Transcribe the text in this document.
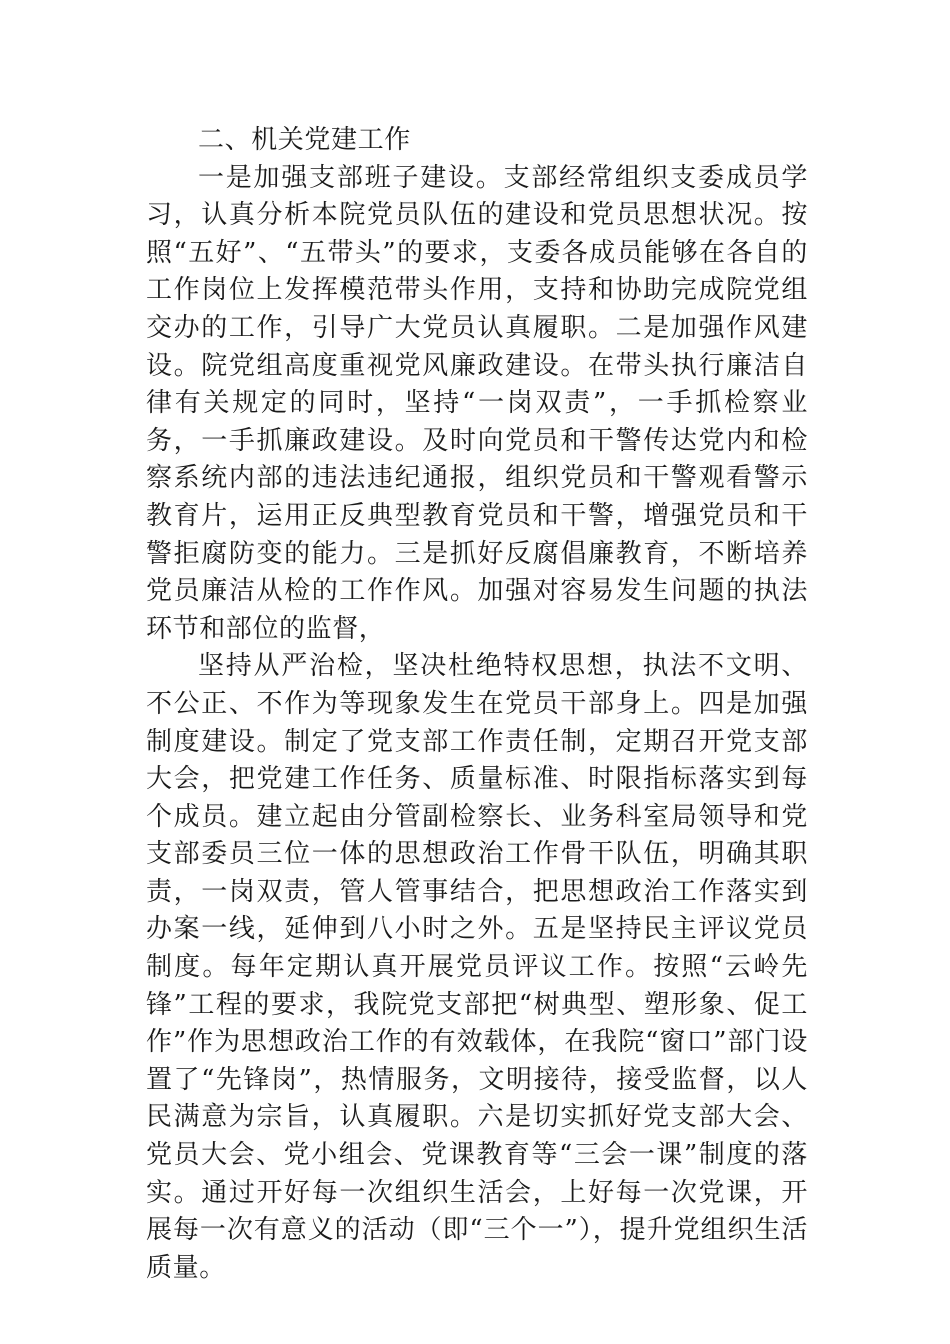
二、机关党建工作

一是加强支部班子建设。支部经常组织支委成员学习，认真分析本院党员队伍的建设和党员思想状况。按照“五好”、“五带头”的要求，支委各成员能够在各自的工作岗位上发挥模范带头作用，支持和协助完成院党组交办的工作，引导广大党员认真履职。二是加强作风建设。院党组高度重视党风廉政建设。在带头执行廉洁自律有关规定的同时，坚持“一岗双责”，一手抓检察业务，一手抓廉政建设。及时向党员和干警传达党内和检察系统内部的违法违纪通报，组织党员和干警观看警示教育片，运用正反典型教育党员和干警，增强党员和干警拒腐防变的能力。三是抓好反腐倡廉教育，不断培养党员廉洁从检的工作作风。加强对容易发生问题的执法环节和部位的监督，

坚持从严治检，坚决杜绝特权思想，执法不文明、不公正、不作为等现象发生在党员干部身上。四是加强制度建设。制定了党支部工作责任制，定期召开党支部大会，把党建工作任务、质量标准、时限指标落实到每个成员。建立起由分管副检察长、业务科室局领导和党支部委员三位一体的思想政治工作骨干队伍，明确其职责，一岗双责，管人管事结合，把思想政治工作落实到办案一线，延伸到八小时之外。五是坚持民主评议党员制度。每年定期认真开展党员评议工作。按照“云岭先锋”工程的要求，我院党支部把“树典型、塑形象、促工作”作为思想政治工作的有效载体，在我院“窗口”部门设置了“先锋岗”，热情服务，文明接待，接受监督，以人民满意为宗旨，认真履职。六是切实抓好党支部大会、党员大会、党小组会、党课教育等“三会一课”制度的落实。通过开好每一次组织生活会，上好每一次党课，开展每一次有意义的活动（即“三个一”），提升党组织生活质量。
